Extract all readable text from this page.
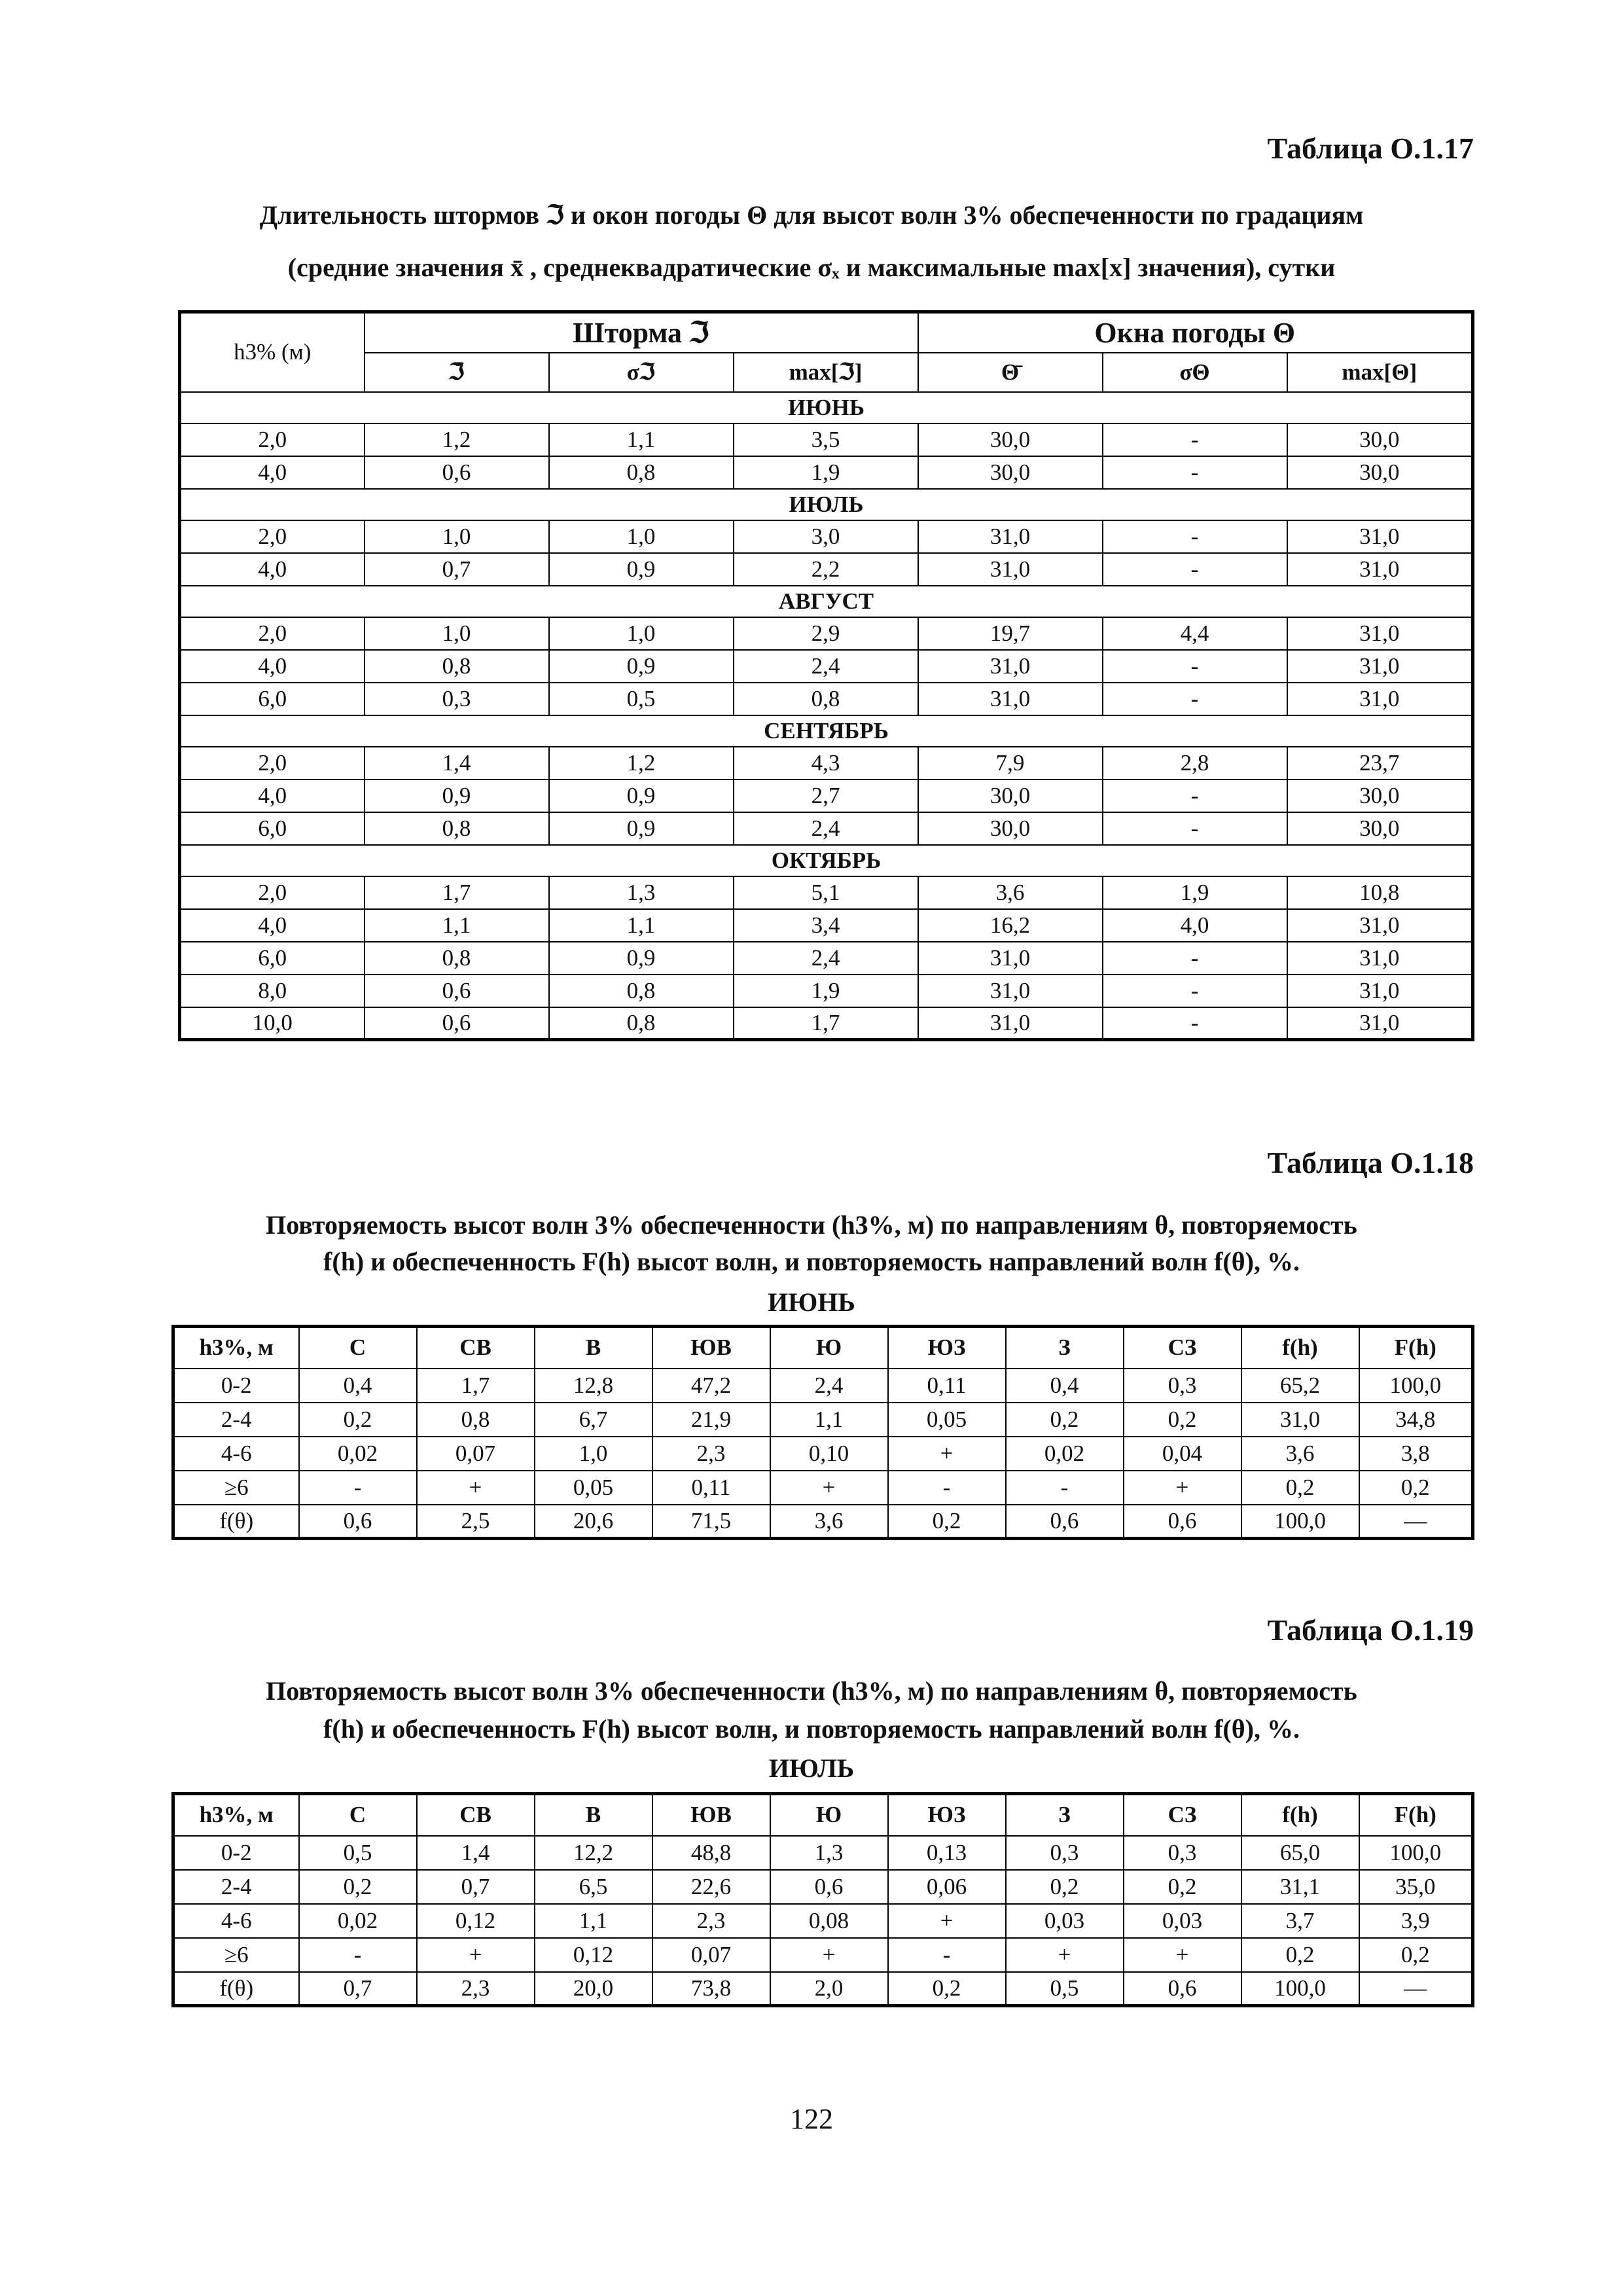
Таблица О.1.17
Длительность штормов ℑ и окон погоды Θ для высот волн 3% обеспеченности по градациям
(средние значения x̄ , среднеквадратические σₓ и максимальные max[x] значения), сутки
h3% (м)	Шторма ℑ			Окна погоды Θ		
	ℑ̄	σℑ	max[ℑ]	Θ̄	σΘ	max[Θ]
ИЮНЬ						
2,0	1,2	1,1	3,5	30,0	-	30,0
4,0	0,6	0,8	1,9	30,0	-	30,0
ИЮЛЬ						
2,0	1,0	1,0	3,0	31,0	-	31,0
4,0	0,7	0,9	2,2	31,0	-	31,0
АВГУСТ						
2,0	1,0	1,0	2,9	19,7	4,4	31,0
4,0	0,8	0,9	2,4	31,0	-	31,0
6,0	0,3	0,5	0,8	31,0	-	31,0
СЕНТЯБРЬ						
2,0	1,4	1,2	4,3	7,9	2,8	23,7
4,0	0,9	0,9	2,7	30,0	-	30,0
6,0	0,8	0,9	2,4	30,0	-	30,0
ОКТЯБРЬ						
2,0	1,7	1,3	5,1	3,6	1,9	10,8
4,0	1,1	1,1	3,4	16,2	4,0	31,0
6,0	0,8	0,9	2,4	31,0	-	31,0
8,0	0,6	0,8	1,9	31,0	-	31,0
10,0	0,6	0,8	1,7	31,0	-	31,0
Таблица О.1.18
Повторяемость высот волн 3% обеспеченности (h3%, м) по направлениям θ, повторяемость
f(h) и обеспеченность F(h) высот волн, и повторяемость направлений волн f(θ), %.
ИЮНЬ
h3%, м	С	СВ	В	ЮВ	Ю	ЮЗ	З	СЗ	f(h)	F(h)
0-2	0,4	1,7	12,8	47,2	2,4	0,11	0,4	0,3	65,2	100,0
2-4	0,2	0,8	6,7	21,9	1,1	0,05	0,2	0,2	31,0	34,8
4-6	0,02	0,07	1,0	2,3	0,10	+	0,02	0,04	3,6	3,8
≥6	-	+	0,05	0,11	+	-	-	+	0,2	0,2
f(θ)	0,6	2,5	20,6	71,5	3,6	0,2	0,6	0,6	100,0	—
Таблица О.1.19
Повторяемость высот волн 3% обеспеченности (h3%, м) по направлениям θ, повторяемость
f(h) и обеспеченность F(h) высот волн, и повторяемость направлений волн f(θ), %.
ИЮЛЬ
h3%, м	С	СВ	В	ЮВ	Ю	ЮЗ	З	СЗ	f(h)	F(h)
0-2	0,5	1,4	12,2	48,8	1,3	0,13	0,3	0,3	65,0	100,0
2-4	0,2	0,7	6,5	22,6	0,6	0,06	0,2	0,2	31,1	35,0
4-6	0,02	0,12	1,1	2,3	0,08	+	0,03	0,03	3,7	3,9
≥6	-	+	0,12	0,07	+	-	+	+	0,2	0,2
f(θ)	0,7	2,3	20,0	73,8	2,0	0,2	0,5	0,6	100,0	—
122
